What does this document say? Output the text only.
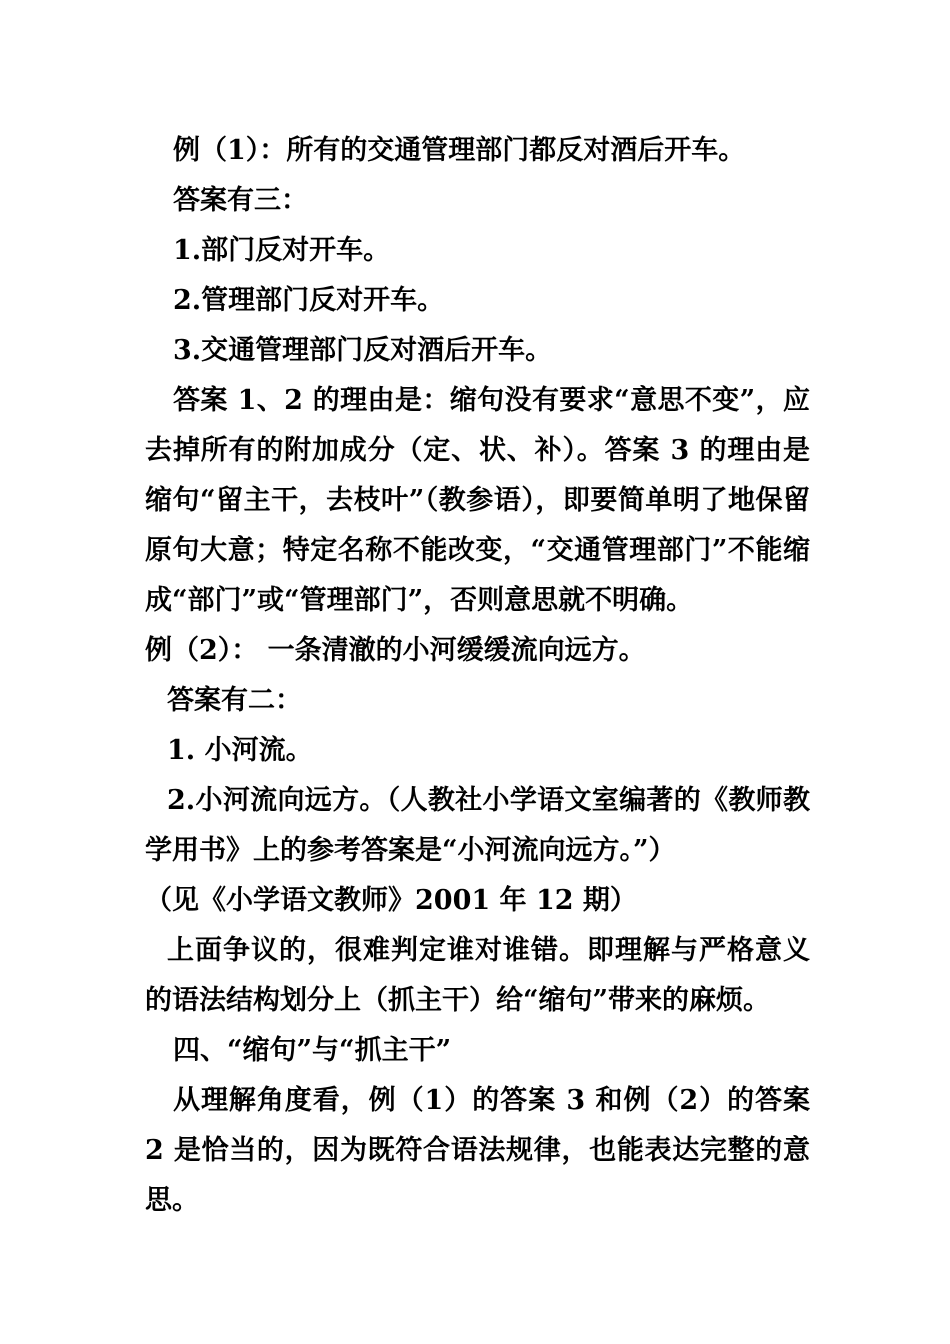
例（1）：所有的交通管理部门都反对酒后开车。

答案有三：

1.部门反对开车。

2.管理部门反对开车。

3.交通管理部门反对酒后开车。

答案 1、2 的理由是：缩句没有要求“意思不变”，应去掉所有的附加成分（定、状、补）。答案 3 的理由是缩句“留主干，去枝叶”（教参语），即要简单明了地保留原句大意；特定名称不能改变，“交通管理部门”不能缩成“部门”或“管理部门”，否则意思就不明确。

例（2）： 一条清澈的小河缓缓流向远方。

答案有二：

1. 小河流。

2.小河流向远方。（人教社小学语文室编著的《教师教学用书》上的参考答案是“小河流向远方。”）

（见《小学语文教师》2001 年 12 期）

上面争议的，很难判定谁对谁错。即理解与严格意义的语法结构划分上（抓主干）给“缩句”带来的麻烦。

四、“缩句”与“抓主干”

从理解角度看，例（1）的答案 3 和例（2）的答案 2 是恰当的，因为既符合语法规律，也能表达完整的意思。
